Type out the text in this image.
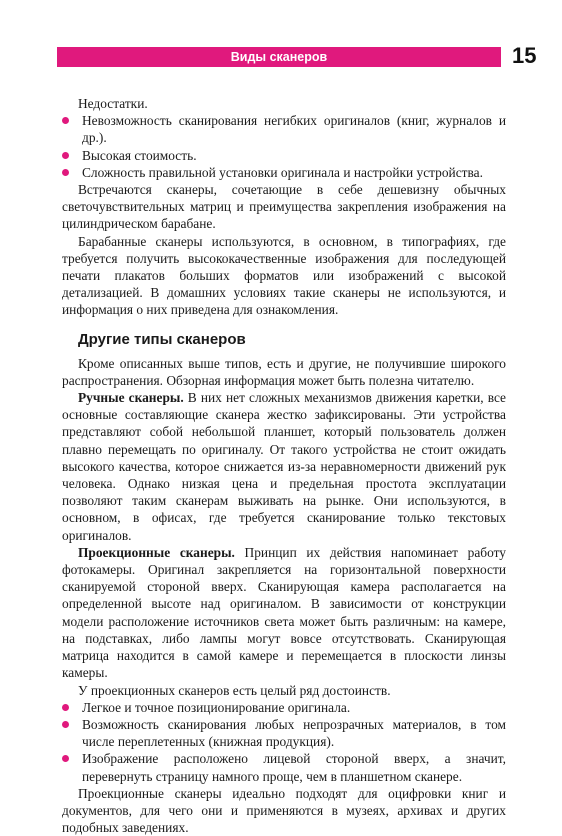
Виды сканеров	15

Недостатки.

Невозможность сканирования негибких оригиналов (книг, журналов и др.).
Высокая стоимость.
Сложность правильной установки оригинала и настройки устройства.

Встречаются сканеры, сочетающие в себе дешевизну обычных светочувствительных матриц и преимущества закрепления изображения на цилиндрическом барабане.

Барабанные сканеры используются, в основном, в типографиях, где требуется получить высококачественные изображения для последующей печати плакатов больших форматов или изображений с высокой детализацией. В домашних условиях такие сканеры не используются, и информация о них приведена для ознакомления.

Другие типы сканеров

Кроме описанных выше типов, есть и другие, не получившие широкого распространения. Обзорная информация может быть полезна читателю.

Ручные сканеры. В них нет сложных механизмов движения каретки, все основные составляющие сканера жестко зафиксированы. Эти устройства представляют собой небольшой планшет, который пользователь должен плавно перемещать по оригиналу. От такого устройства не стоит ожидать высокого качества, которое снижается из-за неравномерности движений рук человека. Однако низкая цена и предельная простота эксплуатации позволяют таким сканерам выживать на рынке. Они используются, в основном, в офисах, где требуется сканирование только текстовых оригиналов.

Проекционные сканеры. Принцип их действия напоминает работу фотокамеры. Оригинал закрепляется на горизонтальной поверхности сканируемой стороной вверх. Сканирующая камера располагается на определенной высоте над оригиналом. В зависимости от конструкции модели расположение источников света может быть различным: на камере, на подставках, либо лампы могут вовсе отсутствовать. Сканирующая матрица находится в самой камере и перемещается в плоскости линзы камеры.

У проекционных сканеров есть целый ряд достоинств.

Легкое и точное позиционирование оригинала.
Возможность сканирования любых непрозрачных материалов, в том числе переплетенных (книжная продукция).
Изображение расположено лицевой стороной вверх, а значит, перевернуть страницу намного проще, чем в планшетном сканере.

Проекционные сканеры идеально подходят для оцифровки книг и документов, для чего они и применяются в музеях, архивах и других подобных заведениях.
